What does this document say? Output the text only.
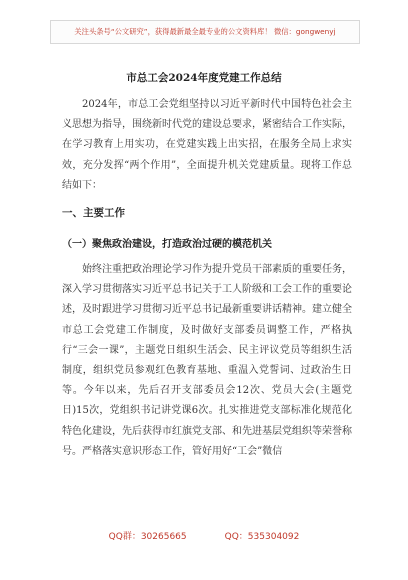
关注头条号“公文研究”，获得最新最全最专业的公文资料库！ 微信：gongwenyj
市总工会2024年度党建工作总结
2024年，市总工会党组坚持以习近平新时代中国特色社会主义思想为指导，围绕新时代党的建设总要求，紧密结合工作实际，在学习教育上用实功，在党建实践上出实招，在服务全局上求实效，充分发挥“两个作用”，全面提升机关党建质量。现将工作总结如下：
一、主要工作
（一）聚焦政治建设，打造政治过硬的模范机关
始终注重把政治理论学习作为提升党员干部素质的重要任务，深入学习贯彻落实习近平总书记关于工人阶级和工会工作的重要论述，及时跟进学习贯彻习近平总书记最新重要讲话精神。建立健全市总工会党建工作制度，及时做好支部委员调整工作，严格执行“三会一课”，主题党日组织生活会、民主评议党员等组织生活制度，组织党员参观红色教育基地、重温入党誓词、过政治生日等。今年以来，先后召开支部委员会12次、党员大会(主题党日)15次，党组织书记讲党课6次。扎实推进党支部标准化规范化特色化建设，先后获得市红旗党支部、和先进基层党组织等荣誉称号。严格落实意识形态工作，管好用好“工会”微信
QQ群：30265665	QQ：535304092
